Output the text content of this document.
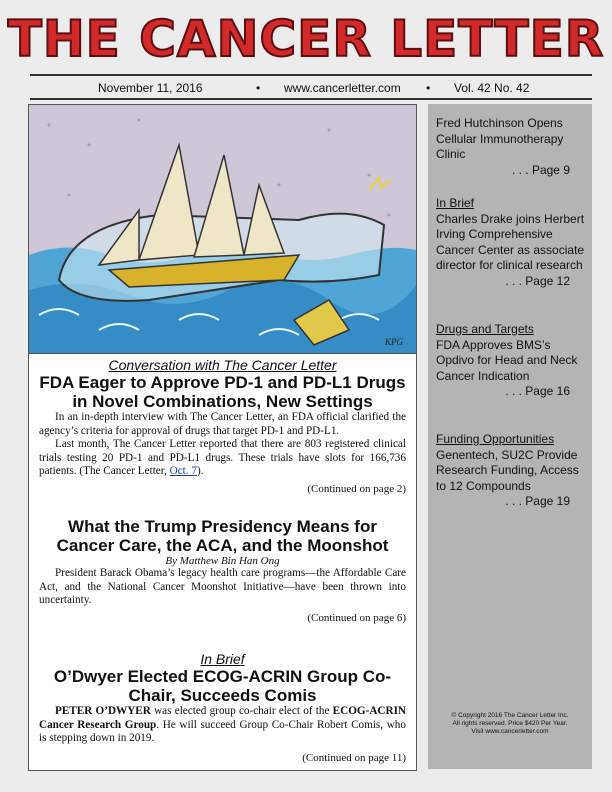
THE CANCER LETTER
November 11, 2016	• www.cancerletter.com • Vol. 42 No. 42
KPG
Conversation with The Cancer Letter
FDA Eager to Approve PD-1 and PD-L1 Drugs in Novel Combinations, New Settings

In an in-depth interview with The Cancer Letter, an FDA official clarified the agency’s criteria for approval of drugs that target PD-1 and PD-L1.

Last month, The Cancer Letter reported that there are 803 registered clinical trials testing 20 PD-1 and PD-L1 drugs. These trials have slots for 166,736 patients. (The Cancer Letter, Oct. 7).

(Continued on page 2)
What the Trump Presidency Means for Cancer Care, the ACA, and the Moonshot
By Matthew Bin Han Ong

President Barack Obama’s legacy health care programs—the Affordable Care Act, and the National Cancer Moonshot Initiative—have been thrown into uncertainty.

(Continued on page 6)
In Brief
O’Dwyer Elected ECOG-ACRIN Group Co-Chair, Succeeds Comis

PETER O’DWYER was elected group co-chair elect of the ECOG-ACRIN Cancer Research Group. He will succeed Group Co-Chair Robert Comis, who is stepping down in 2019.

(Continued on page 11)
Fred Hutchinson Opens Cellular Immunotherapy Clinic
. . . Page 9
In Brief
Charles Drake joins Herbert Irving Comprehensive Cancer Center as associate director for clinical research
. . . Page 12
Drugs and Targets
FDA Approves BMS’s Opdivo for Head and Neck Cancer Indication
. . . Page 16
Funding Opportunities
Genentech, SU2C Provide Research Funding, Access to 12 Compounds
. . . Page 19
© Copyright 2016 The Cancer Letter Inc.
All rights reserved. Price $420 Per Year.
Visit www.cancerletter.com
